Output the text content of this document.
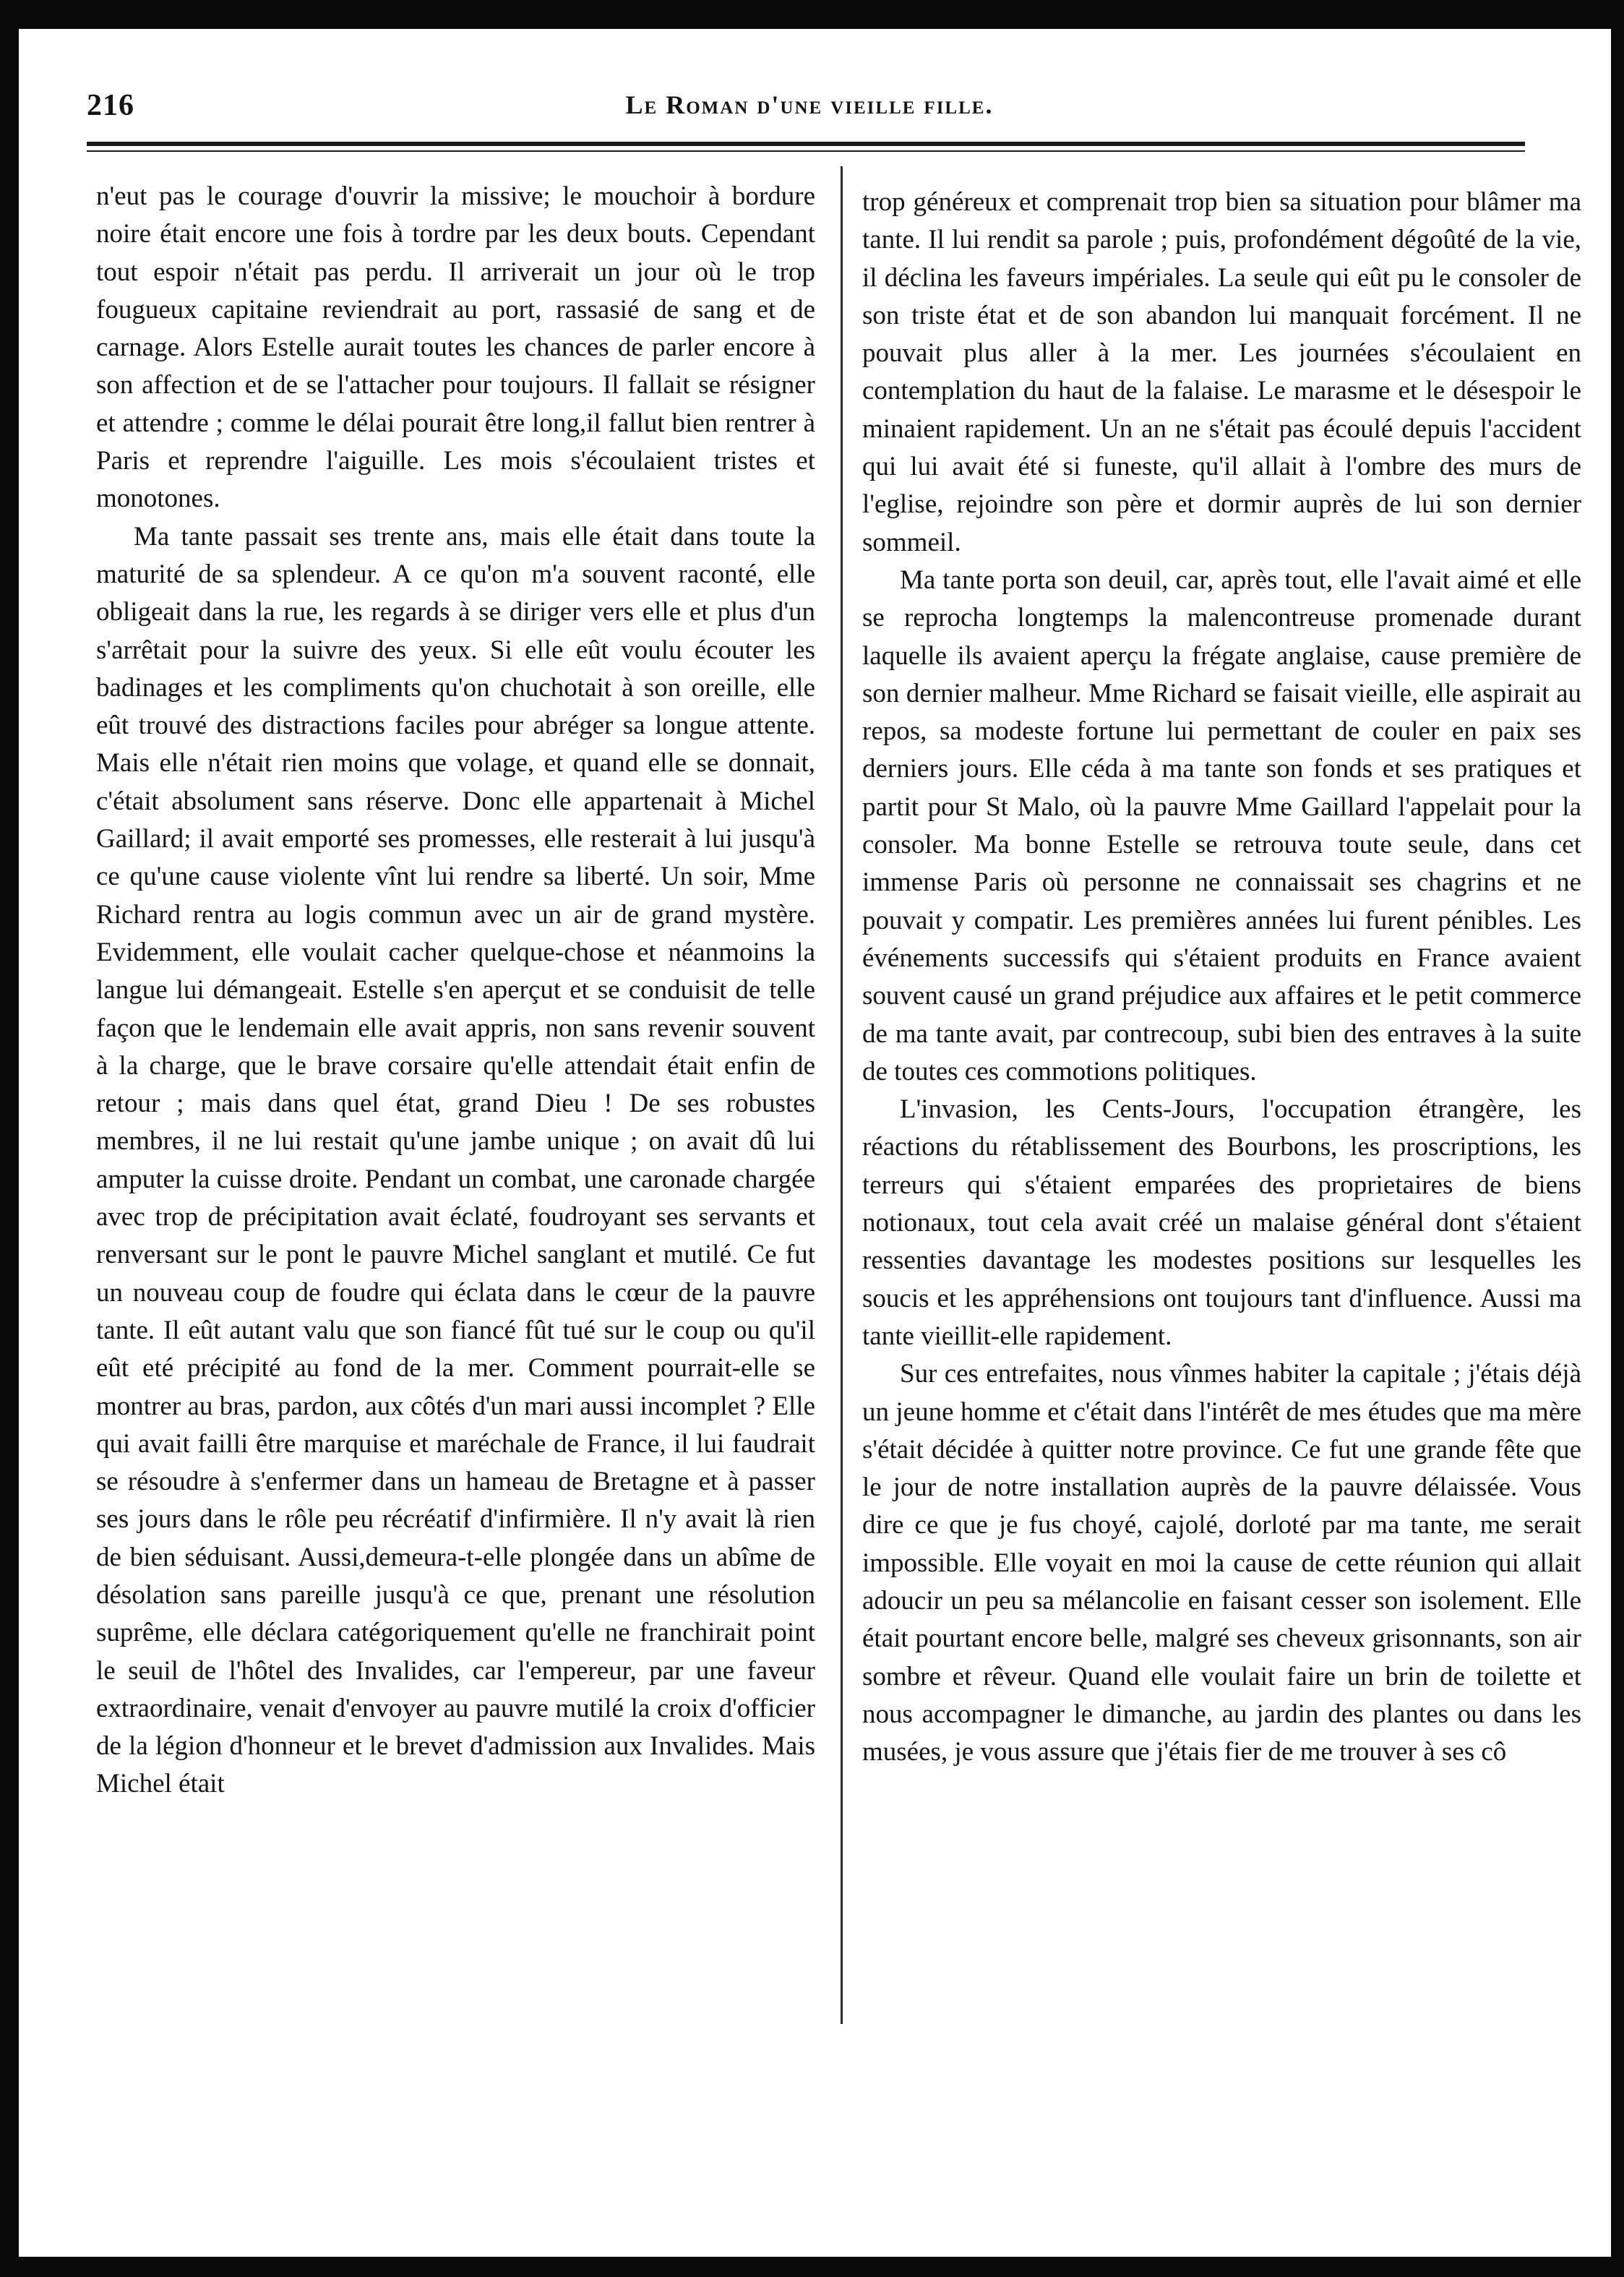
216	Le Roman d'une vieille fille.

n'eut pas le courage d'ouvrir la missive; le mouchoir à bordure noire était encore une fois à tordre par les deux bouts. Cependant tout espoir n'était pas perdu. Il arriverait un jour où le trop fougueux capitaine reviendrait au port, rassasié de sang et de carnage. Alors Estelle aurait toutes les chances de parler encore à son affection et de se l'attacher pour toujours. Il fallait se résigner et attendre ; comme le délai pourait être long,il fallut bien rentrer à Paris et reprendre l'aiguille. Les mois s'écoulaient tristes et monotones.

Ma tante passait ses trente ans, mais elle était dans toute la maturité de sa splendeur. A ce qu'on m'a souvent raconté, elle obligeait dans la rue, les regards à se diriger vers elle et plus d'un s'arrêtait pour la suivre des yeux. Si elle eût voulu écouter les badinages et les compliments qu'on chuchotait à son oreille, elle eût trouvé des distractions faciles pour abréger sa longue attente. Mais elle n'était rien moins que volage, et quand elle se donnait, c'était absolument sans réserve. Donc elle appartenait à Michel Gaillard; il avait emporté ses promesses, elle resterait à lui jusqu'à ce qu'une cause violente vînt lui rendre sa liberté. Un soir, Mme Richard rentra au logis commun avec un air de grand mystère. Evidemment, elle voulait cacher quelque-chose et néanmoins la langue lui démangeait. Estelle s'en aperçut et se conduisit de telle façon que le lendemain elle avait appris, non sans revenir souvent à la charge, que le brave corsaire qu'elle attendait était enfin de retour ; mais dans quel état, grand Dieu ! De ses robustes membres, il ne lui restait qu'une jambe unique ; on avait dû lui amputer la cuisse droite. Pendant un combat, une caronade chargée avec trop de précipitation avait éclaté, foudroyant ses servants et renversant sur le pont le pauvre Michel sanglant et mutilé. Ce fut un nouveau coup de foudre qui éclata dans le cœur de la pauvre tante. Il eût autant valu que son fiancé fût tué sur le coup ou qu'il eût eté précipité au fond de la mer. Comment pourrait-elle se montrer au bras, pardon, aux côtés d'un mari aussi incomplet ? Elle qui avait failli être marquise et maréchale de France, il lui faudrait se résoudre à s'enfermer dans un hameau de Bretagne et à passer ses jours dans le rôle peu récréatif d'infirmière. Il n'y avait là rien de bien séduisant. Aussi,demeura-t-elle plongée dans un abîme de désolation sans pareille jusqu'à ce que, prenant une résolution suprême, elle déclara catégoriquement qu'elle ne franchirait point le seuil de l'hôtel des Invalides, car l'empereur, par une faveur extraordinaire, venait d'envoyer au pauvre mutilé la croix d'officier de la légion d'honneur et le brevet d'admission aux Invalides. Mais Michel était

trop généreux et comprenait trop bien sa situation pour blâmer ma tante. Il lui rendit sa parole ; puis, profondément dégoûté de la vie, il déclina les faveurs impériales. La seule qui eût pu le consoler de son triste état et de son abandon lui manquait forcément. Il ne pouvait plus aller à la mer. Les journées s'écoulaient en contemplation du haut de la falaise. Le marasme et le désespoir le minaient rapidement. Un an ne s'était pas écoulé depuis l'accident qui lui avait été si funeste, qu'il allait à l'ombre des murs de l'eglise, rejoindre son père et dormir auprès de lui son dernier sommeil.

Ma tante porta son deuil, car, après tout, elle l'avait aimé et elle se reprocha longtemps la malencontreuse promenade durant laquelle ils avaient aperçu la frégate anglaise, cause première de son dernier malheur. Mme Richard se faisait vieille, elle aspirait au repos, sa modeste fortune lui permettant de couler en paix ses derniers jours. Elle céda à ma tante son fonds et ses pratiques et partit pour St Malo, où la pauvre Mme Gaillard l'appelait pour la consoler. Ma bonne Estelle se retrouva toute seule, dans cet immense Paris où personne ne connaissait ses chagrins et ne pouvait y compatir. Les premières années lui furent pénibles. Les événements successifs qui s'étaient produits en France avaient souvent causé un grand préjudice aux affaires et le petit commerce de ma tante avait, par contrecoup, subi bien des entraves à la suite de toutes ces commotions politiques.

L'invasion, les Cents-Jours, l'occupation étrangère, les réactions du rétablissement des Bourbons, les proscriptions, les terreurs qui s'étaient emparées des proprietaires de biens notionaux, tout cela avait créé un malaise général dont s'étaient ressenties davantage les modestes positions sur lesquelles les soucis et les appréhensions ont toujours tant d'influence. Aussi ma tante vieillit-elle rapidement.

Sur ces entrefaites, nous vînmes habiter la capitale ; j'étais déjà un jeune homme et c'était dans l'intérêt de mes études que ma mère s'était décidée à quitter notre province. Ce fut une grande fête que le jour de notre installation auprès de la pauvre délaissée. Vous dire ce que je fus choyé, cajolé, dorloté par ma tante, me serait impossible. Elle voyait en moi la cause de cette réunion qui allait adoucir un peu sa mélancolie en faisant cesser son isolement. Elle était pourtant encore belle, malgré ses cheveux grisonnants, son air sombre et rêveur. Quand elle voulait faire un brin de toilette et nous accompagner le dimanche, au jardin des plantes ou dans les musées, je vous assure que j'étais fier de me trouver à ses cô
